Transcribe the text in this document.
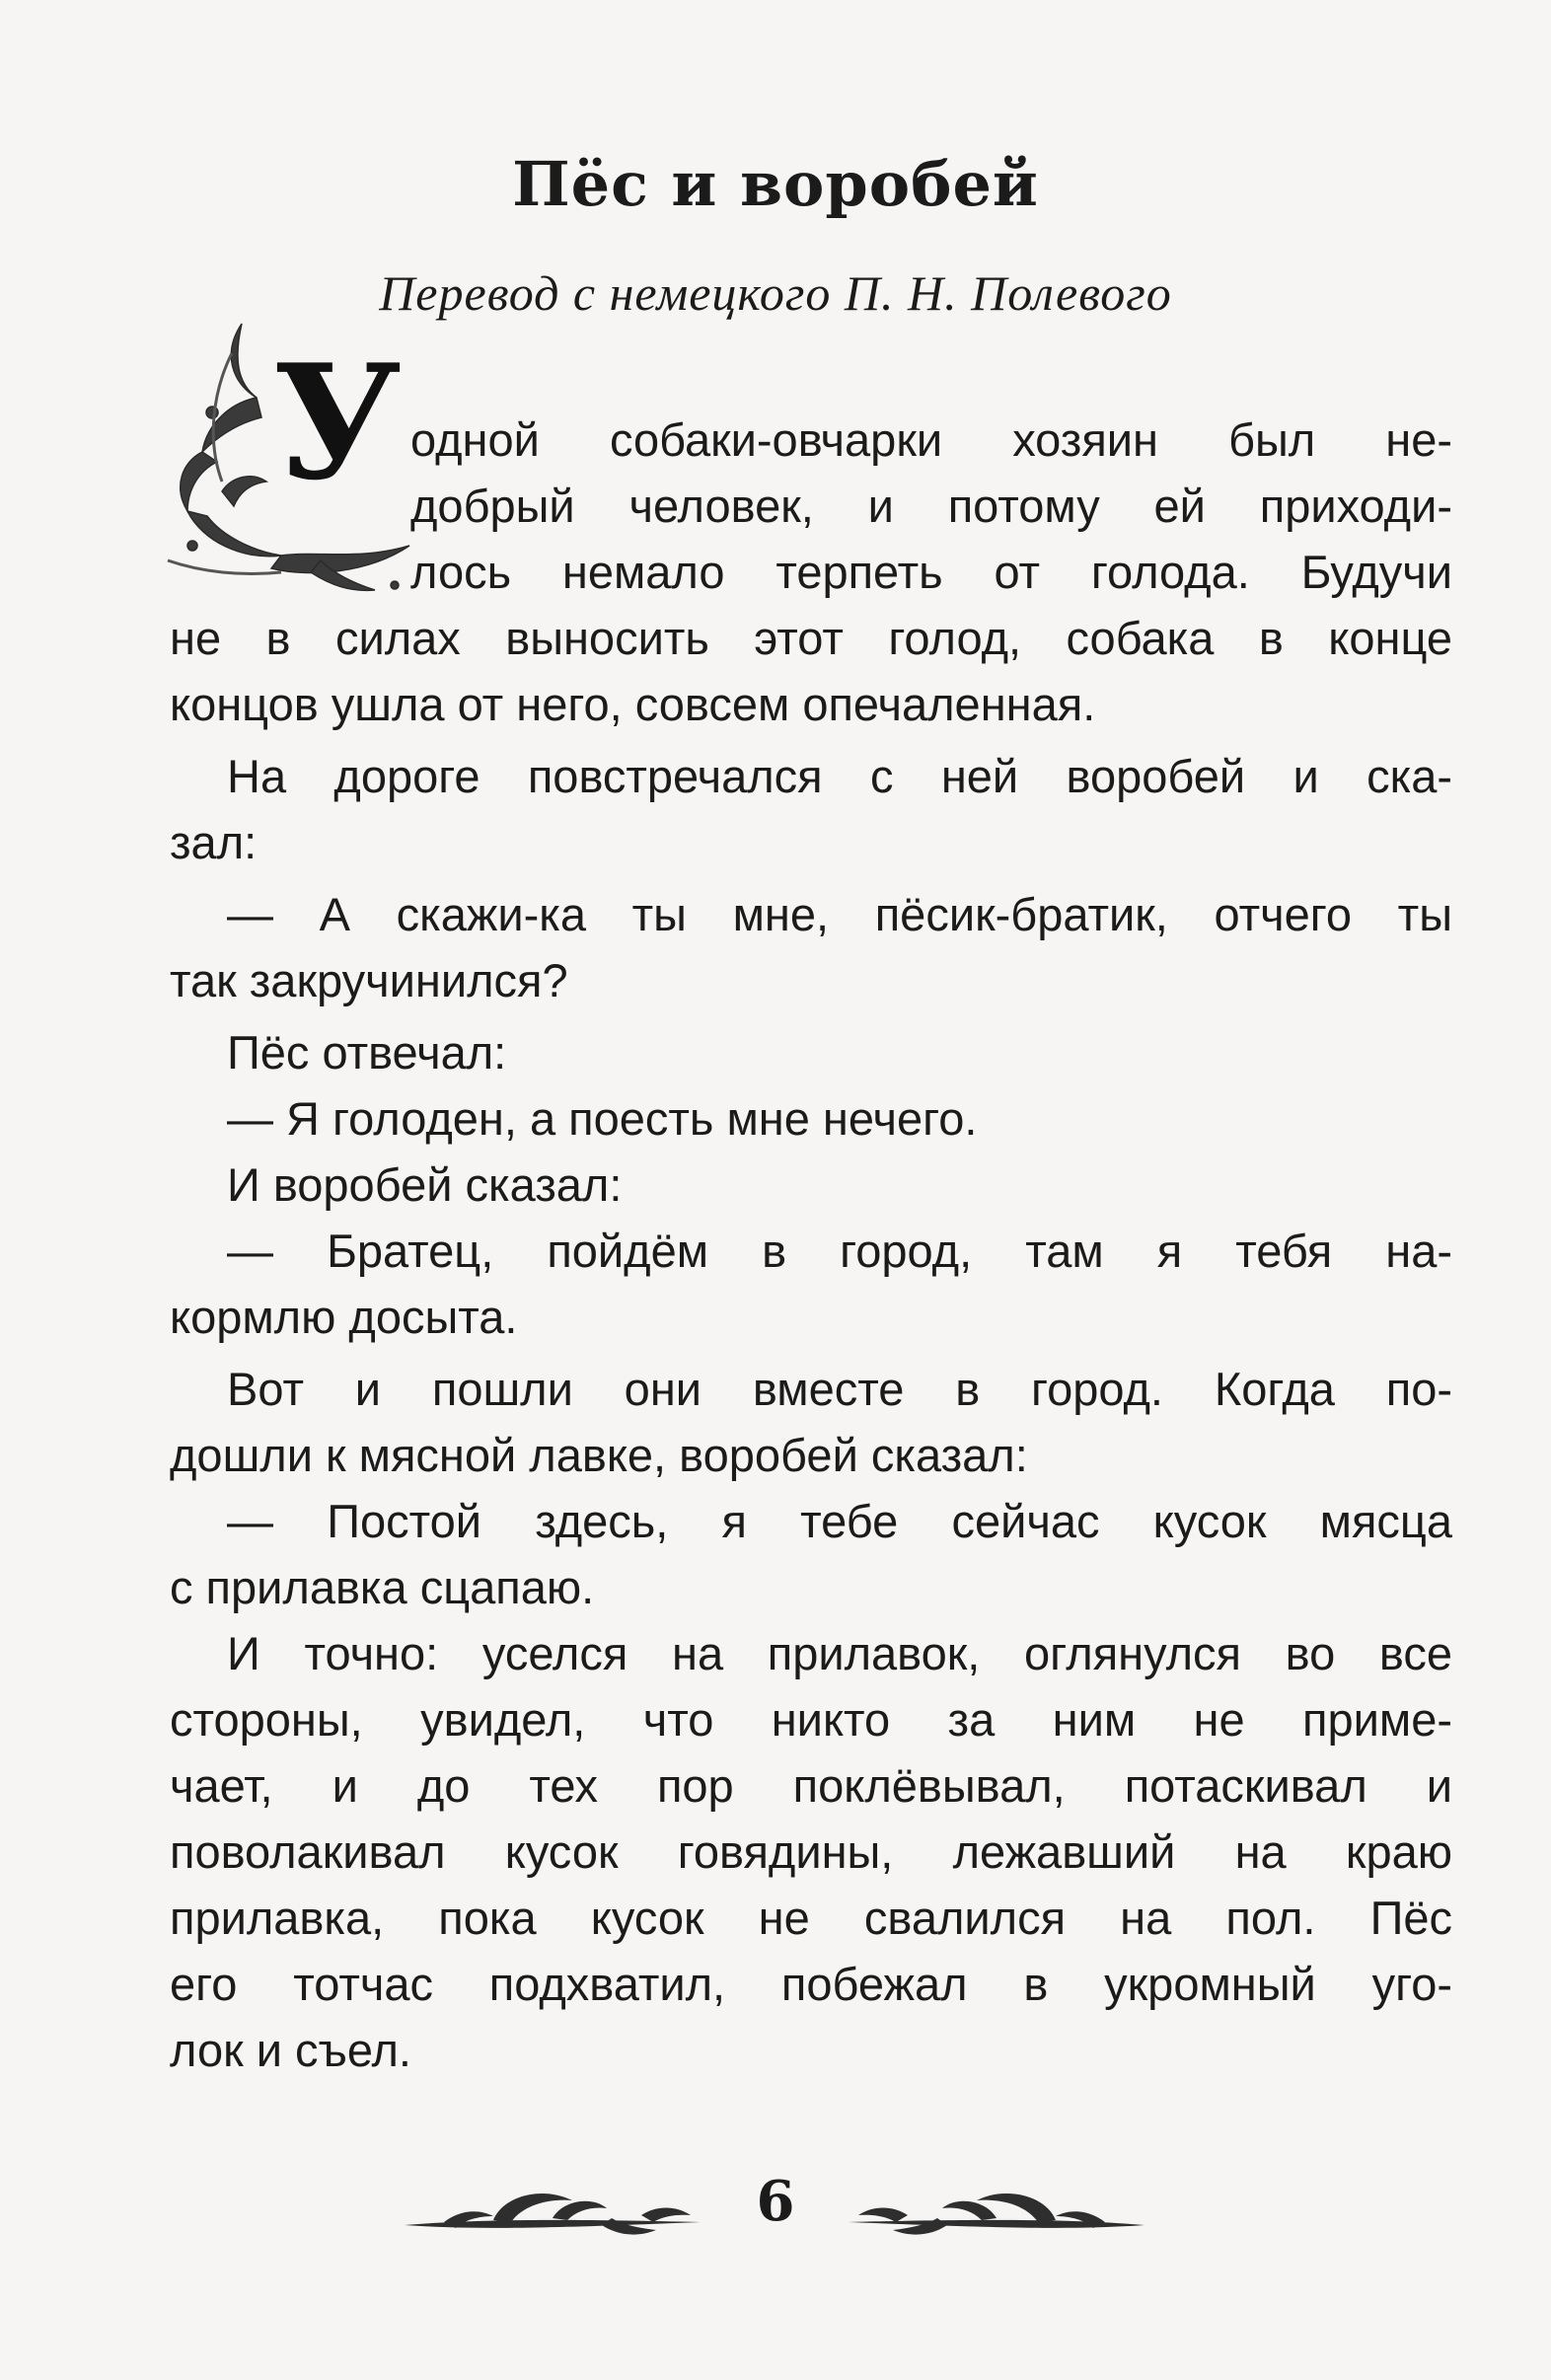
Пёс и воробей
Перевод с немецкого П. Н. Полевого
У одной собаки-овчарки хозяин был не-
добрый человек, и потому ей приходи-
лось немало терпеть от голода. Будучи
не в силах выносить этот голод, собака в конце
концов ушла от него, совсем опечаленная.
На дороге повстречался с ней воробей и ска-
зал:
— А скажи-ка ты мне, пёсик-братик, отчего ты
так закручинился?
Пёс отвечал:
— Я голоден, а поесть мне нечего.
И воробей сказал:
— Братец, пойдём в город, там я тебя на-
кормлю досыта.
Вот и пошли они вместе в город. Когда по-
дошли к мясной лавке, воробей сказал:
— Постой здесь, я тебе сейчас кусок мясца
с прилавка сцапаю.
И точно: уселся на прилавок, оглянулся во все
стороны, увидел, что никто за ним не приме-
чает, и до тех пор поклёвывал, потаскивал и
поволакивал кусок говядины, лежавший на краю
прилавка, пока кусок не свалился на пол. Пёс
его тотчас подхватил, побежал в укромный уго-
лок и съел.
6
